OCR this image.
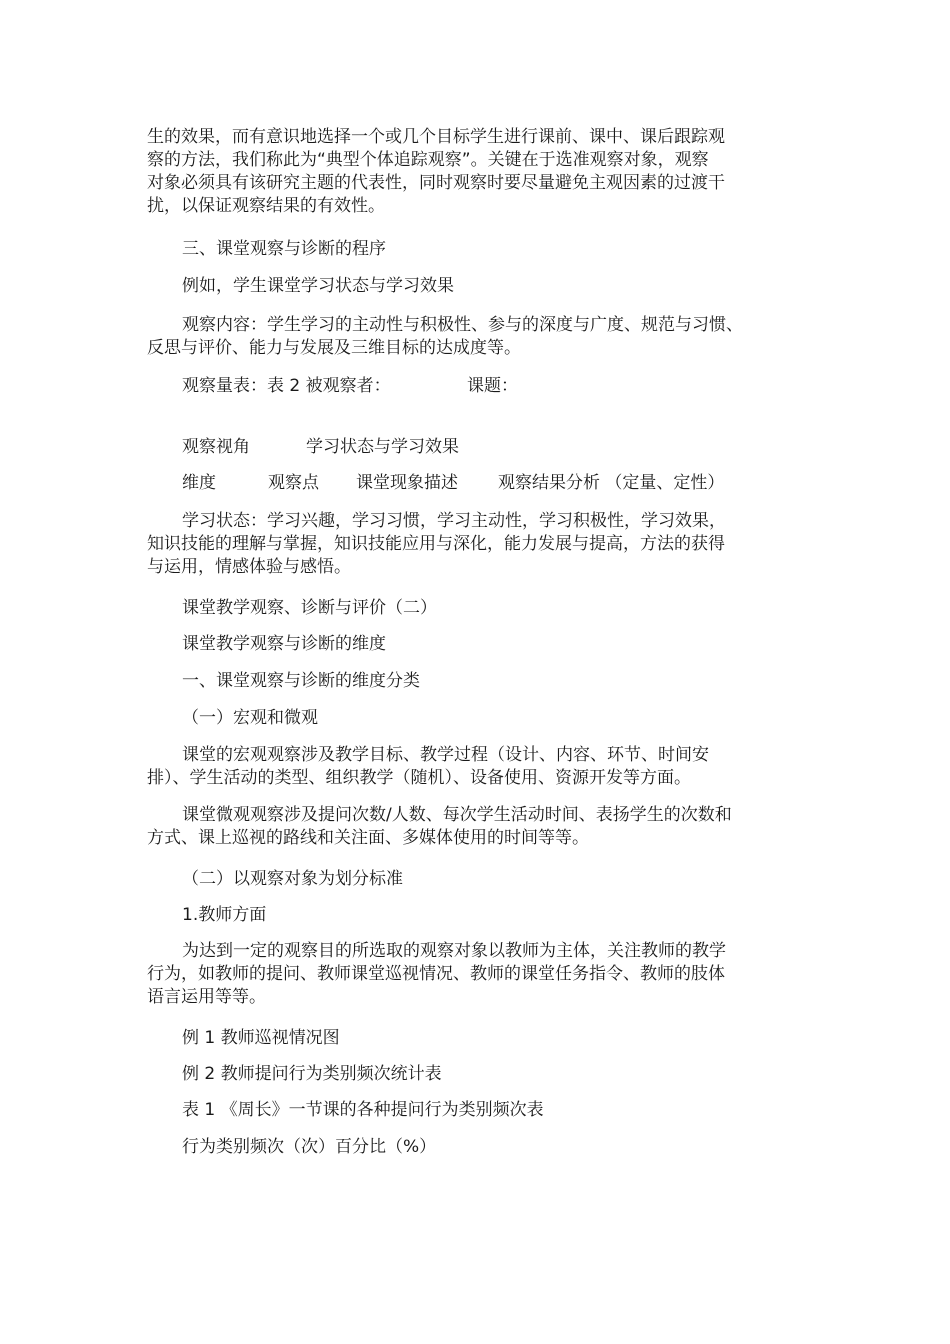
生的效果，而有意识地选择一个或几个目标学生进行课前、课中、课后跟踪观
察的方法，我们称此为“典型个体追踪观察”。关键在于选准观察对象，观察
对象必须具有该研究主题的代表性，同时观察时要尽量避免主观因素的过渡干
扰，以保证观察结果的有效性。
三、课堂观察与诊断的程序
例如，学生课堂学习状态与学习效果
观察内容：学生学习的主动性与积极性、参与的深度与广度、规范与习惯、
反思与评价、能力与发展及三维目标的达成度等。
观察量表：表 2 被观察者：	课题：
观察视角	学习状态与学习效果
维度	观察点 课堂现象描述 观察结果分析 （定量、定性）
学习状态：学习兴趣，学习习惯，学习主动性，学习积极性，学习效果，
知识技能的理解与掌握，知识技能应用与深化，能力发展与提高，方法的获得
与运用，情感体验与感悟。
课堂教学观察、诊断与评价（二）
课堂教学观察与诊断的维度
一、课堂观察与诊断的维度分类
（一）宏观和微观
课堂的宏观观察涉及教学目标、教学过程（设计、内容、环节、时间安
排）、学生活动的类型、组织教学（随机）、设备使用、资源开发等方面。
课堂微观观察涉及提问次数/人数、每次学生活动时间、表扬学生的次数和
方式、课上巡视的路线和关注面、多媒体使用的时间等等。
（二）以观察对象为划分标准
1.教师方面
为达到一定的观察目的所选取的观察对象以教师为主体，关注教师的教学
行为，如教师的提问、教师课堂巡视情况、教师的课堂任务指令、教师的肢体
语言运用等等。
例 1 教师巡视情况图
例 2 教师提问行为类别频次统计表
表 1 《周长》一节课的各种提问行为类别频次表
行为类别频次（次）百分比（%）
